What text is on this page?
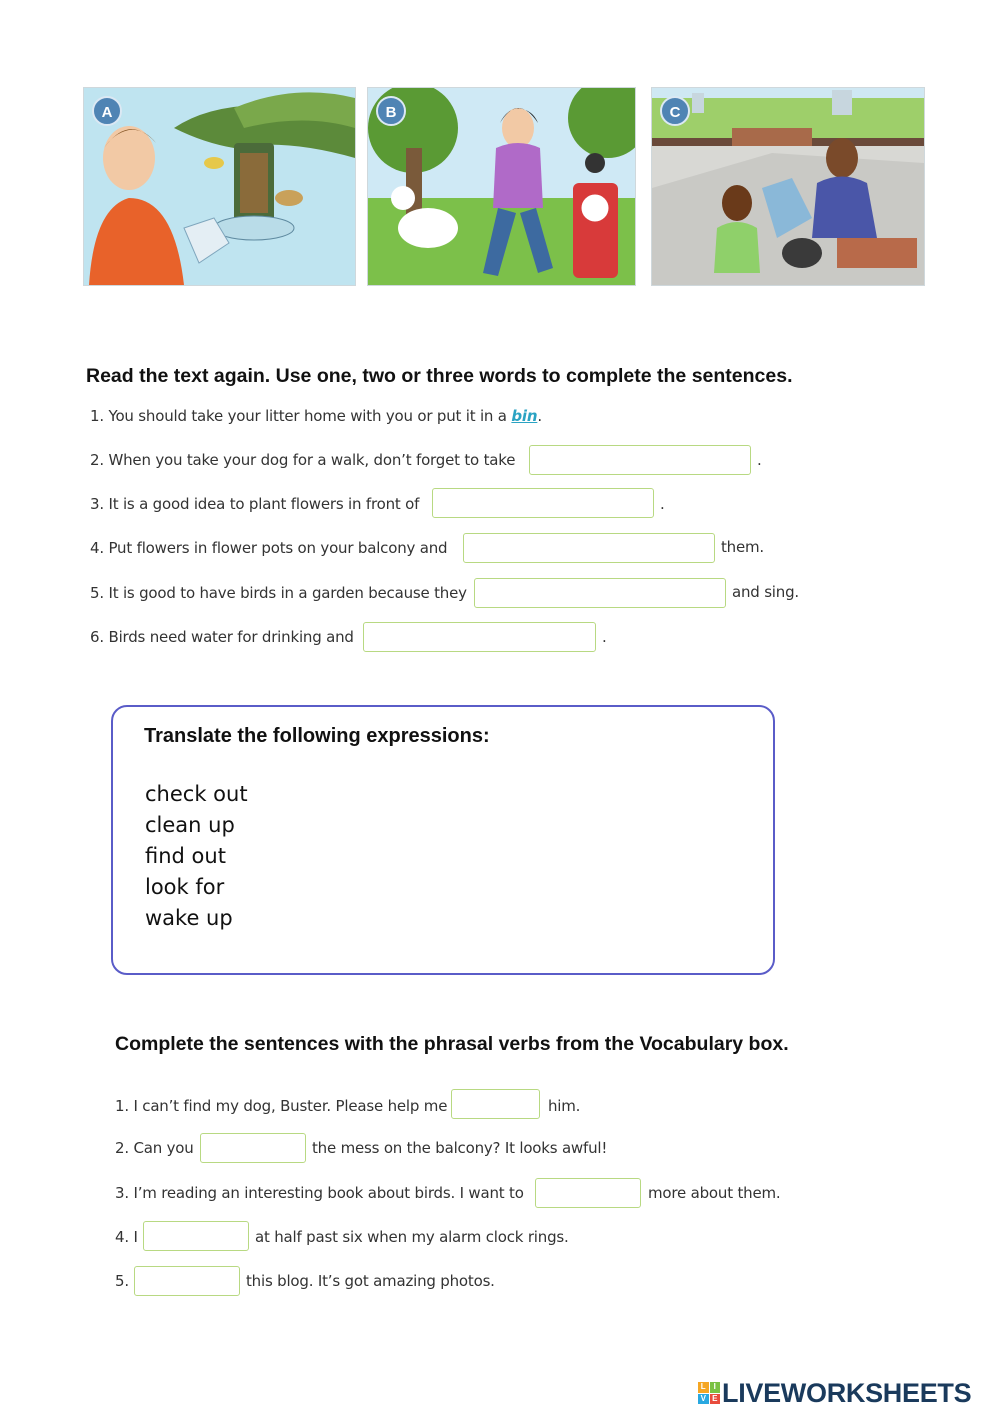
A	B	C
Read the text again. Use one, two or three words to complete the sentences.
1. You should take your litter home with you or put it in a bin.
2. When you take your dog for a walk, don’t forget to take	.
3. It is a good idea to plant flowers in front of	.
4. Put flowers in flower pots on your balcony and	them.
5. It is good to have birds in a garden because they	and sing.
6. Birds need water for drinking and	.
Translate the following expressions:
check out
clean up
find out
look for
wake up
Complete the sentences with the phrasal verbs from the Vocabulary box.
1. I can’t find my dog, Buster. Please help me	him.
2. Can you	the mess on the balcony? It looks awful!
3. I’m reading an interesting book about birds. I want to	more about them.
4. I	at half past six when my alarm clock rings.
5.	this blog. It’s got amazing photos.
L I
V E LIVEWORKSHEETS
